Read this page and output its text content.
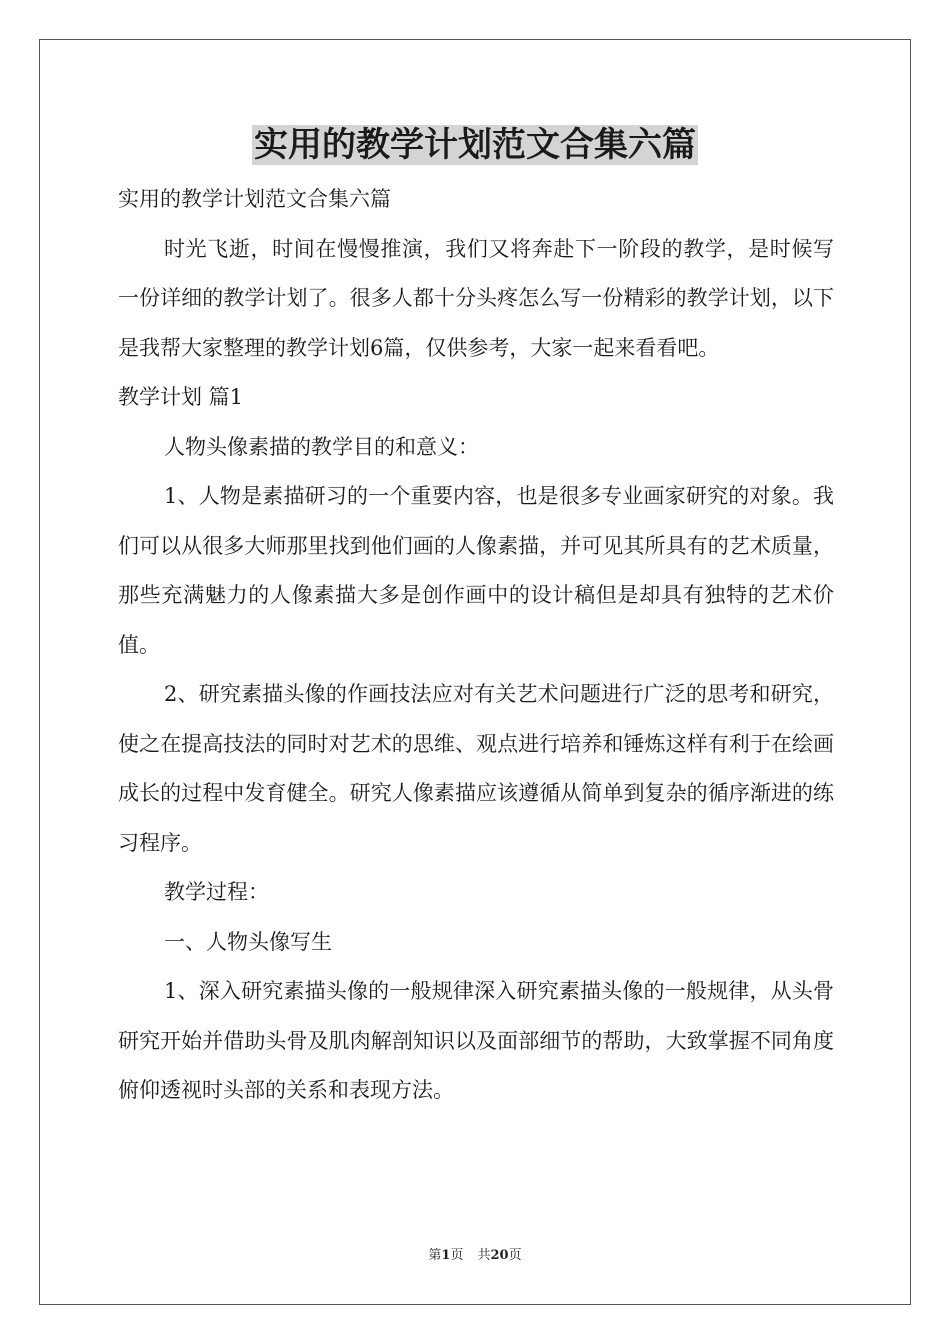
实用的教学计划范文合集六篇

实用的教学计划范文合集六篇

时光飞逝，时间在慢慢推演，我们又将奔赴下一阶段的教学，是时候写一份详细的教学计划了。很多人都十分头疼怎么写一份精彩的教学计划，以下是我帮大家整理的教学计划6篇，仅供参考，大家一起来看看吧。

教学计划 篇1

人物头像素描的教学目的和意义：

1、人物是素描研习的一个重要内容，也是很多专业画家研究的对象。我们可以从很多大师那里找到他们画的人像素描，并可见其所具有的艺术质量，那些充满魅力的人像素描大多是创作画中的设计稿但是却具有独特的艺术价值。

2、研究素描头像的作画技法应对有关艺术问题进行广泛的思考和研究，使之在提高技法的同时对艺术的思维、观点进行培养和锤炼这样有利于在绘画成长的过程中发育健全。研究人像素描应该遵循从简单到复杂的循序渐进的练习程序。

教学过程：

一、人物头像写生

1、深入研究素描头像的一般规律深入研究素描头像的一般规律，从头骨研究开始并借助头骨及肌肉解剖知识以及面部细节的帮助，大致掌握不同角度俯仰透视时头部的关系和表现方法。

第1页 共20页
